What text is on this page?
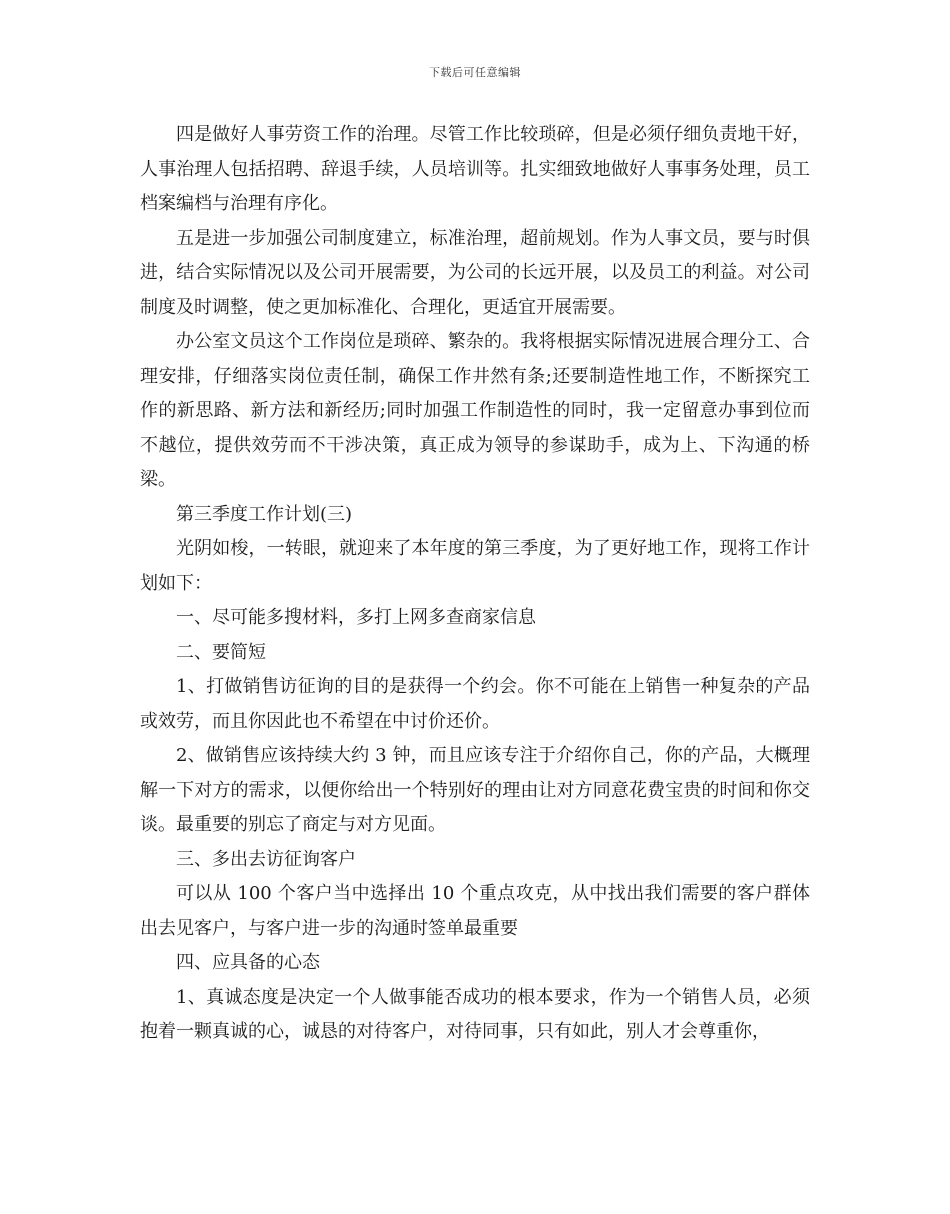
下载后可任意编辑

四是做好人事劳资工作的治理。尽管工作比较琐碎，但是必须仔细负责地干好，人事治理人包括招聘、辞退手续，人员培训等。扎实细致地做好人事事务处理，员工档案编档与治理有序化。

五是进一步加强公司制度建立，标准治理，超前规划。作为人事文员，要与时俱进，结合实际情况以及公司开展需要，为公司的长远开展，以及员工的利益。对公司制度及时调整，使之更加标准化、合理化，更适宜开展需要。

办公室文员这个工作岗位是琐碎、繁杂的。我将根据实际情况进展合理分工、合理安排，仔细落实岗位责任制，确保工作井然有条;还要制造性地工作，不断探究工作的新思路、新方法和新经历;同时加强工作制造性的同时，我一定留意办事到位而不越位，提供效劳而不干涉决策，真正成为领导的参谋助手，成为上、下沟通的桥梁。

第三季度工作计划(三)

光阴如梭，一转眼，就迎来了本年度的第三季度，为了更好地工作，现将工作计划如下：

一、尽可能多搜材料，多打上网多查商家信息

二、要简短

1、打做销售访征询的目的是获得一个约会。你不可能在上销售一种复杂的产品或效劳，而且你因此也不希望在中讨价还价。

2、做销售应该持续大约 3 钟，而且应该专注于介绍你自己，你的产品，大概理解一下对方的需求，以便你给出一个特别好的理由让对方同意花费宝贵的时间和你交谈。最重要的别忘了商定与对方见面。

三、多出去访征询客户

可以从 100 个客户当中选择出 10 个重点攻克，从中找出我们需要的客户群体出去见客户，与客户进一步的沟通时签单最重要

四、应具备的心态

1、真诚态度是决定一个人做事能否成功的根本要求，作为一个销售人员，必须抱着一颗真诚的心，诚恳的对待客户，对待同事，只有如此，别人才会尊重你，
